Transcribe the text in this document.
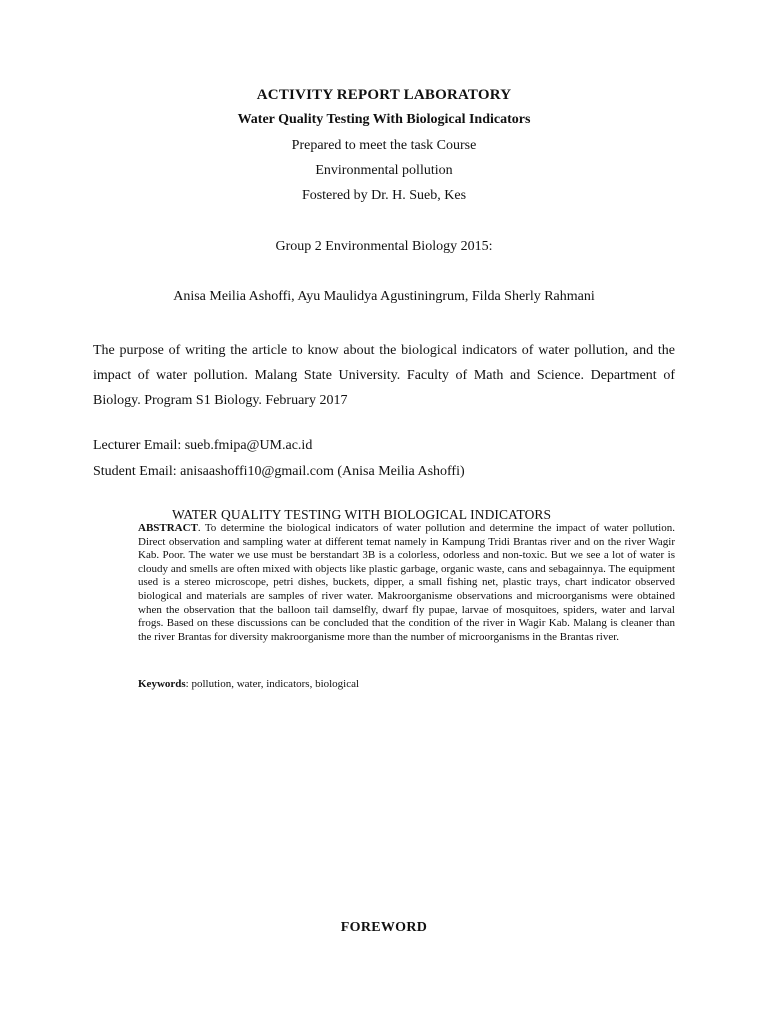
ACTIVITY REPORT LABORATORY
Water Quality Testing With Biological Indicators
Prepared to meet the task Course
Environmental pollution
Fostered by Dr. H. Sueb, Kes
Group 2 Environmental Biology 2015:
Anisa Meilia Ashoffi, Ayu Maulidya Agustiningrum, Filda Sherly Rahmani
The purpose of writing the article to know about the biological indicators of water pollution, and the impact of water pollution. Malang State University. Faculty of Math and Science. Department of Biology. Program S1 Biology. February 2017
Lecturer Email: sueb.fmipa@UM.ac.id
Student Email: anisaashoffi10@gmail.com (Anisa Meilia Ashoffi)
WATER QUALITY TESTING WITH BIOLOGICAL INDICATORS
ABSTRACT. To determine the biological indicators of water pollution and determine the impact of water pollution. Direct observation and sampling water at different temat namely in Kampung Tridi Brantas river and on the river Wagir Kab. Poor. The water we use must be berstandart 3B is a colorless, odorless and non-toxic. But we see a lot of water is cloudy and smells are often mixed with objects like plastic garbage, organic waste, cans and sebagainnya. The equipment used is a stereo microscope, petri dishes, buckets, dipper, a small fishing net, plastic trays, chart indicator observed biological and materials are samples of river water. Makroorganisme observations and microorganisms were obtained when the observation that the balloon tail damselfly, dwarf fly pupae, larvae of mosquitoes, spiders, water and larval frogs. Based on these discussions can be concluded that the condition of the river in Wagir Kab. Malang is cleaner than the river Brantas for diversity makroorganisme more than the number of microorganisms in the Brantas river.
Keywords: pollution, water, indicators, biological
FOREWORD
